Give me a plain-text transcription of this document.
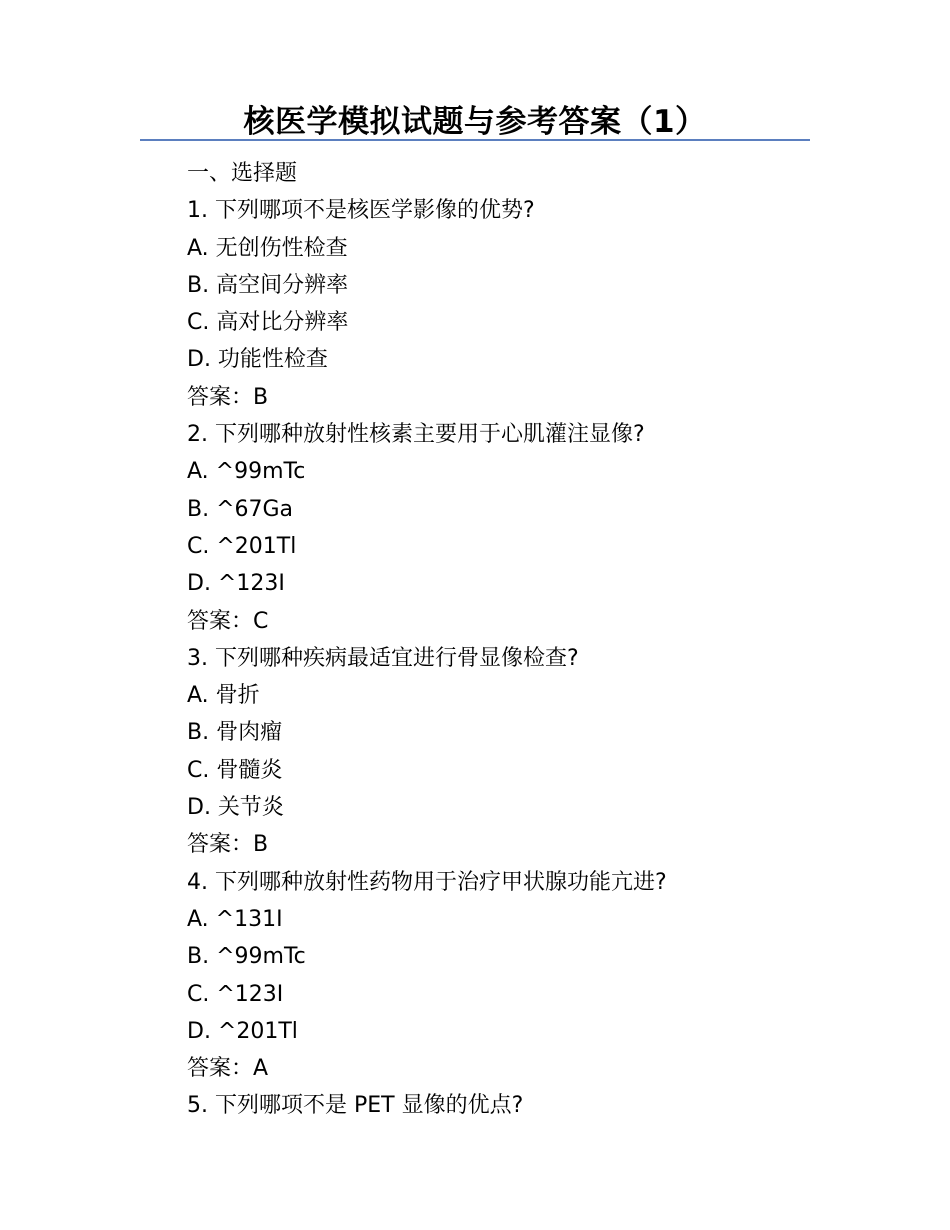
核医学模拟试题与参考答案（1）

一、选择题

1. 下列哪项不是核医学影像的优势?

A. 无创伤性检查

B. 高空间分辨率

C. 高对比分辨率

D. 功能性检查

答案：B

2. 下列哪种放射性核素主要用于心肌灌注显像?

A. ^99mTc

B. ^67Ga

C. ^201Tl

D. ^123I

答案：C

3. 下列哪种疾病最适宜进行骨显像检查?

A. 骨折

B. 骨肉瘤

C. 骨髓炎

D. 关节炎

答案：B

4. 下列哪种放射性药物用于治疗甲状腺功能亢进?

A. ^131I

B. ^99mTc

C. ^123I

D. ^201Tl

答案：A

5. 下列哪项不是 PET 显像的优点?
